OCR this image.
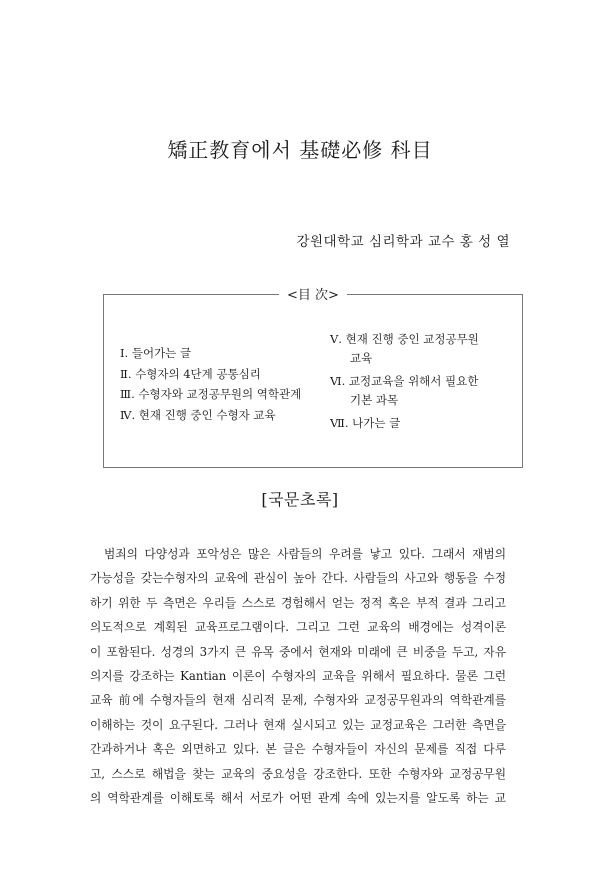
矯正教育에서 基礎必修 科目
강원대학교 심리학과 교수 홍 성 열
<目 次>
Ⅰ. 들어가는 글
Ⅱ. 수형자의 4단계 공통심리
Ⅲ. 수형자와 교정공무원의 역학관계
Ⅳ. 현재 진행 중인 수형자 교육
Ⅴ. 현재 진행 중인 교정공무원
교육
Ⅵ. 교정교육을 위해서 필요한
기본 과목
Ⅶ. 나가는 글
[국문초록]
범죄의 다양성과 포악성은 많은 사람들의 우려를 낳고 있다. 그래서 재범의
가능성을 갖는수형자의 교육에 관심이 높아 간다. 사람들의 사고와 행동을 수정
하기 위한 두 측면은 우리들 스스로 경험해서 얻는 정적 혹은 부적 결과 그리고
의도적으로 계획된 교육프로그램이다. 그리고 그런 교육의 배경에는 성격이론
이 포함된다. 성경의 3가지 큰 유목 중에서 현재와 미래에 큰 비중을 두고, 자유
의지를 강조하는 Kantian 이론이 수형자의 교육을 위해서 필요하다. 물론 그런
교육 前에 수형자들의 현재 심리적 문제, 수형자와 교정공무원과의 역학관계를
이해하는 것이 요구된다. 그러나 현재 실시되고 있는 교정교육은 그러한 측면을
간과하거나 혹은 외면하고 있다. 본 글은 수형자들이 자신의 문제를 직접 다루
고, 스스로 해법을 찾는 교육의 중요성을 강조한다. 또한 수형자와 교정공무원
의 역학관계를 이해토록 해서 서로가 어떤 관계 속에 있는지를 알도록 하는 교
